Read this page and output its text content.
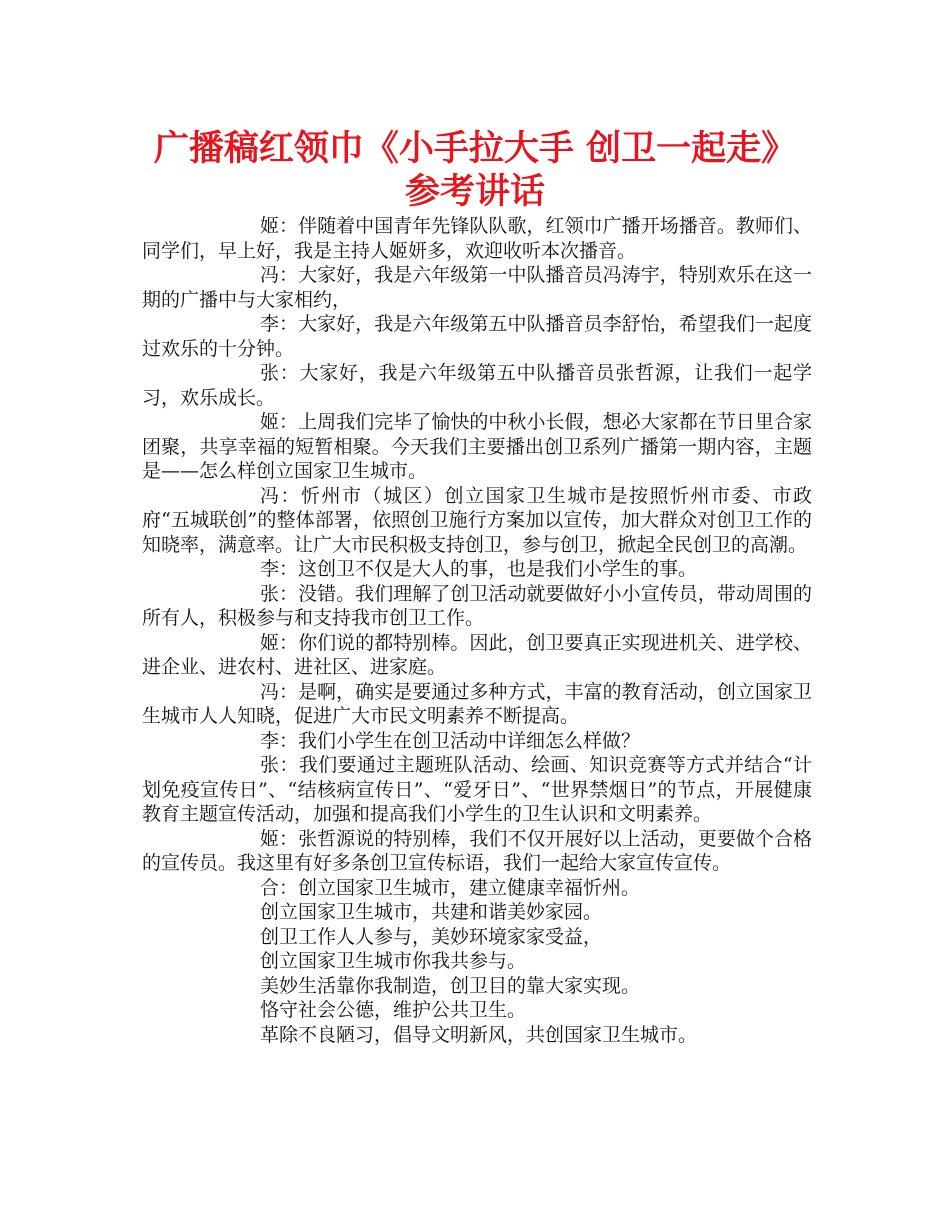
广播稿红领巾《小手拉大手 创卫一起走》
参考讲话

姬：伴随着中国青年先锋队队歌，红领巾广播开场播音。教师们、同学们，早上好，我是主持人姬妍多，欢迎收听本次播音。

冯：大家好，我是六年级第一中队播音员冯涛宇，特别欢乐在这一期的广播中与大家相约，

李：大家好，我是六年级第五中队播音员李舒怡，希望我们一起度过欢乐的十分钟。

张：大家好，我是六年级第五中队播音员张哲源，让我们一起学习，欢乐成长。

姬：上周我们完毕了愉快的中秋小长假，想必大家都在节日里合家团聚，共享幸福的短暂相聚。今天我们主要播出创卫系列广播第一期内容，主题是——怎么样创立国家卫生城市。

冯：忻州市（城区）创立国家卫生城市是按照忻州市委、市政府“五城联创”的整体部署，依照创卫施行方案加以宣传，加大群众对创卫工作的知晓率，满意率。让广大市民积极支持创卫，参与创卫，掀起全民创卫的高潮。

李：这创卫不仅是大人的事，也是我们小学生的事。

张：没错。我们理解了创卫活动就要做好小小宣传员，带动周围的所有人，积极参与和支持我市创卫工作。

姬：你们说的都特别棒。因此，创卫要真正实现进机关、进学校、进企业、进农村、进社区、进家庭。

冯：是啊，确实是要通过多种方式，丰富的教育活动，创立国家卫生城市人人知晓，促进广大市民文明素养不断提高。

李：我们小学生在创卫活动中详细怎么样做？

张：我们要通过主题班队活动、绘画、知识竞赛等方式并结合“计划免疫宣传日”、“结核病宣传日”、“爱牙日”、“世界禁烟日”的节点，开展健康教育主题宣传活动，加强和提高我们小学生的卫生认识和文明素养。

姬：张哲源说的特别棒，我们不仅开展好以上活动，更要做个合格的宣传员。我这里有好多条创卫宣传标语，我们一起给大家宣传宣传。

合：创立国家卫生城市，建立健康幸福忻州。
创立国家卫生城市，共建和谐美妙家园。
创卫工作人人参与，美妙环境家家受益，
创立国家卫生城市你我共参与。
美妙生活靠你我制造，创卫目的靠大家实现。
恪守社会公德，维护公共卫生。
革除不良陋习，倡导文明新风，共创国家卫生城市。
